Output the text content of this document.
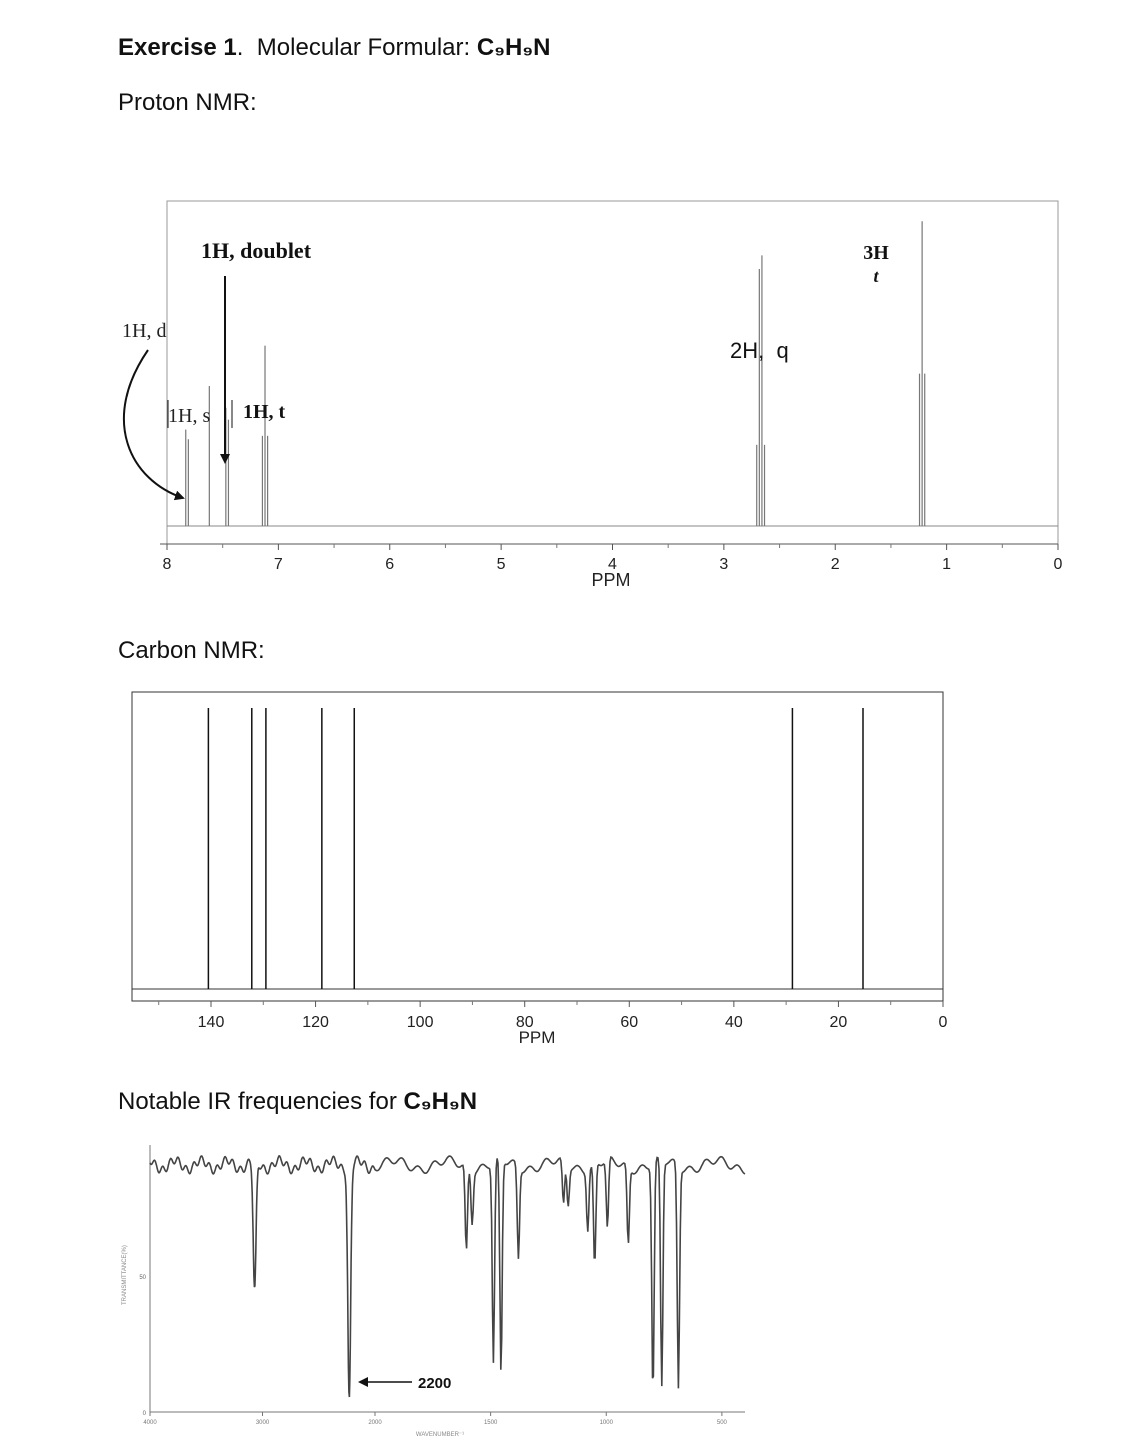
Exercise 1. Molecular Formular: C₉H₉N
Proton NMR:
Carbon NMR:
Notable IR frequencies for C₉H₉N
8	7	6	5	4	3	2	1	0
PPM
1H, d
1H, doublet
1H, s 1H, t
2H,  q
3H
t
140	120	100	80	60	40	20	0
PPM
4000	3000	2000	1500	1000	500
50
0
TRANSMITTANCE(%)
WAVENUMBER⁻¹
2200
